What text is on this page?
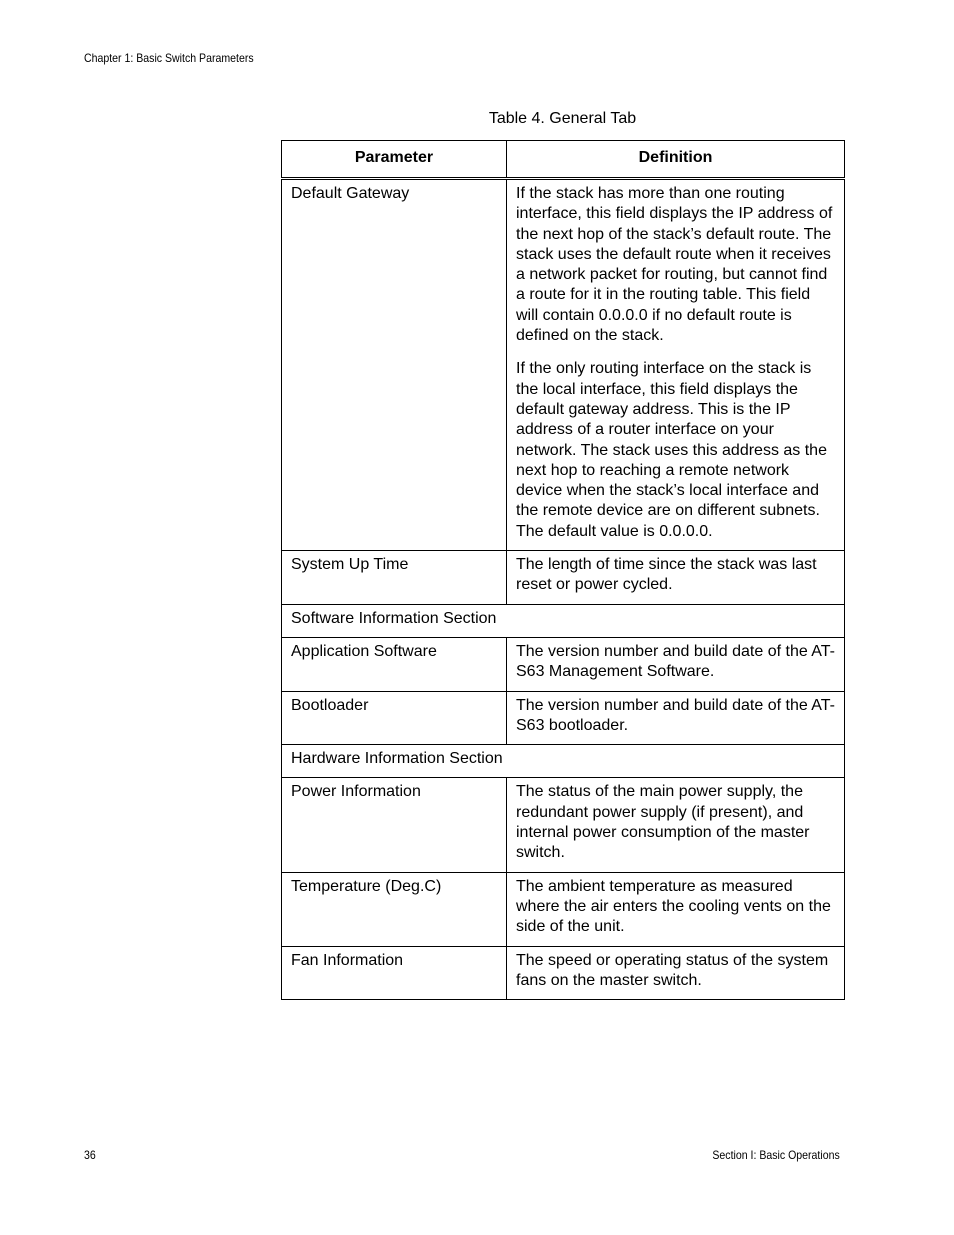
Chapter 1: Basic Switch Parameters
Table 4. General Tab
Parameter	Definition
Default Gateway	If the stack has more than one routing interface, this field displays the IP address of the next hop of the stack’s default route. The stack uses the default route when it receives a network packet for routing, but cannot find a route for it in the routing table. This field will contain 0.0.0.0 if no default route is defined on the stack.

If the only routing interface on the stack is the local interface, this field displays the default gateway address. This is the IP address of a router interface on your network. The stack uses this address as the next hop to reaching a remote network device when the stack’s local interface and the remote device are on different subnets. The default value is 0.0.0.0.

System Up Time	The length of time since the stack was last reset or power cycled.
Software Information Section	
Application Software	The version number and build date of the AT-S63 Management Software.
Bootloader	The version number and build date of the AT-S63 bootloader.
Hardware Information Section	
Power Information	The status of the main power supply, the redundant power supply (if present), and internal power consumption of the master switch.
Temperature (Deg.C)	The ambient temperature as measured where the air enters the cooling vents on the side of the unit.
Fan Information	The speed or operating status of the system fans on the master switch.
36	Section I: Basic Operations
